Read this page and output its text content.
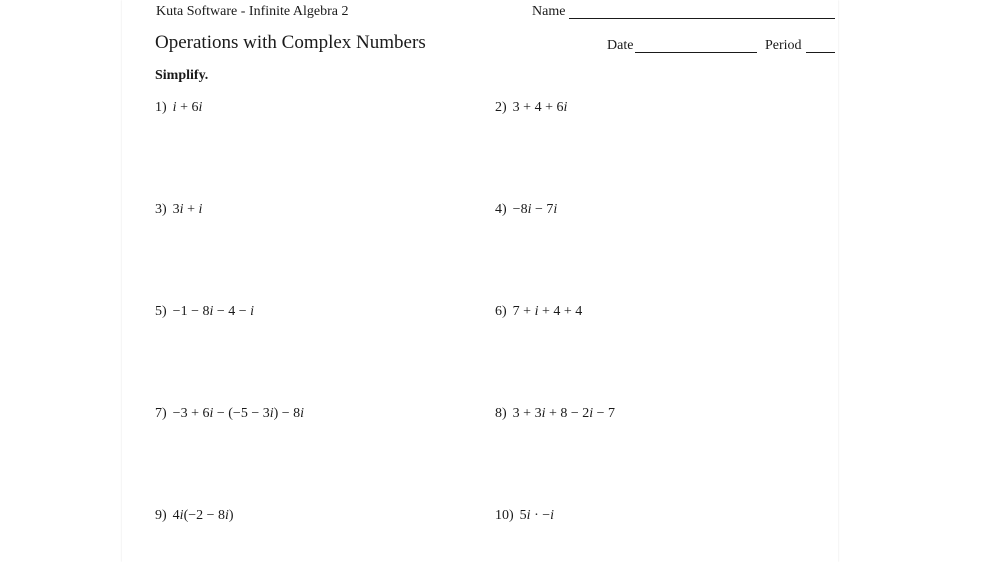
Kuta Software - Infinite Algebra 2	Name
Operations with Complex Numbers	Date	Period
Simplify.
1) i + 6i	2) 3 + 4 + 6i
3) 3i + i	4) −8i − 7i
5) −1 − 8i − 4 − i	6) 7 + i + 4 + 4
7) −3 + 6i − (−5 − 3i) − 8i	8) 3 + 3i + 8 − 2i − 7
9) 4i(−2 − 8i)	10) 5i · −i
